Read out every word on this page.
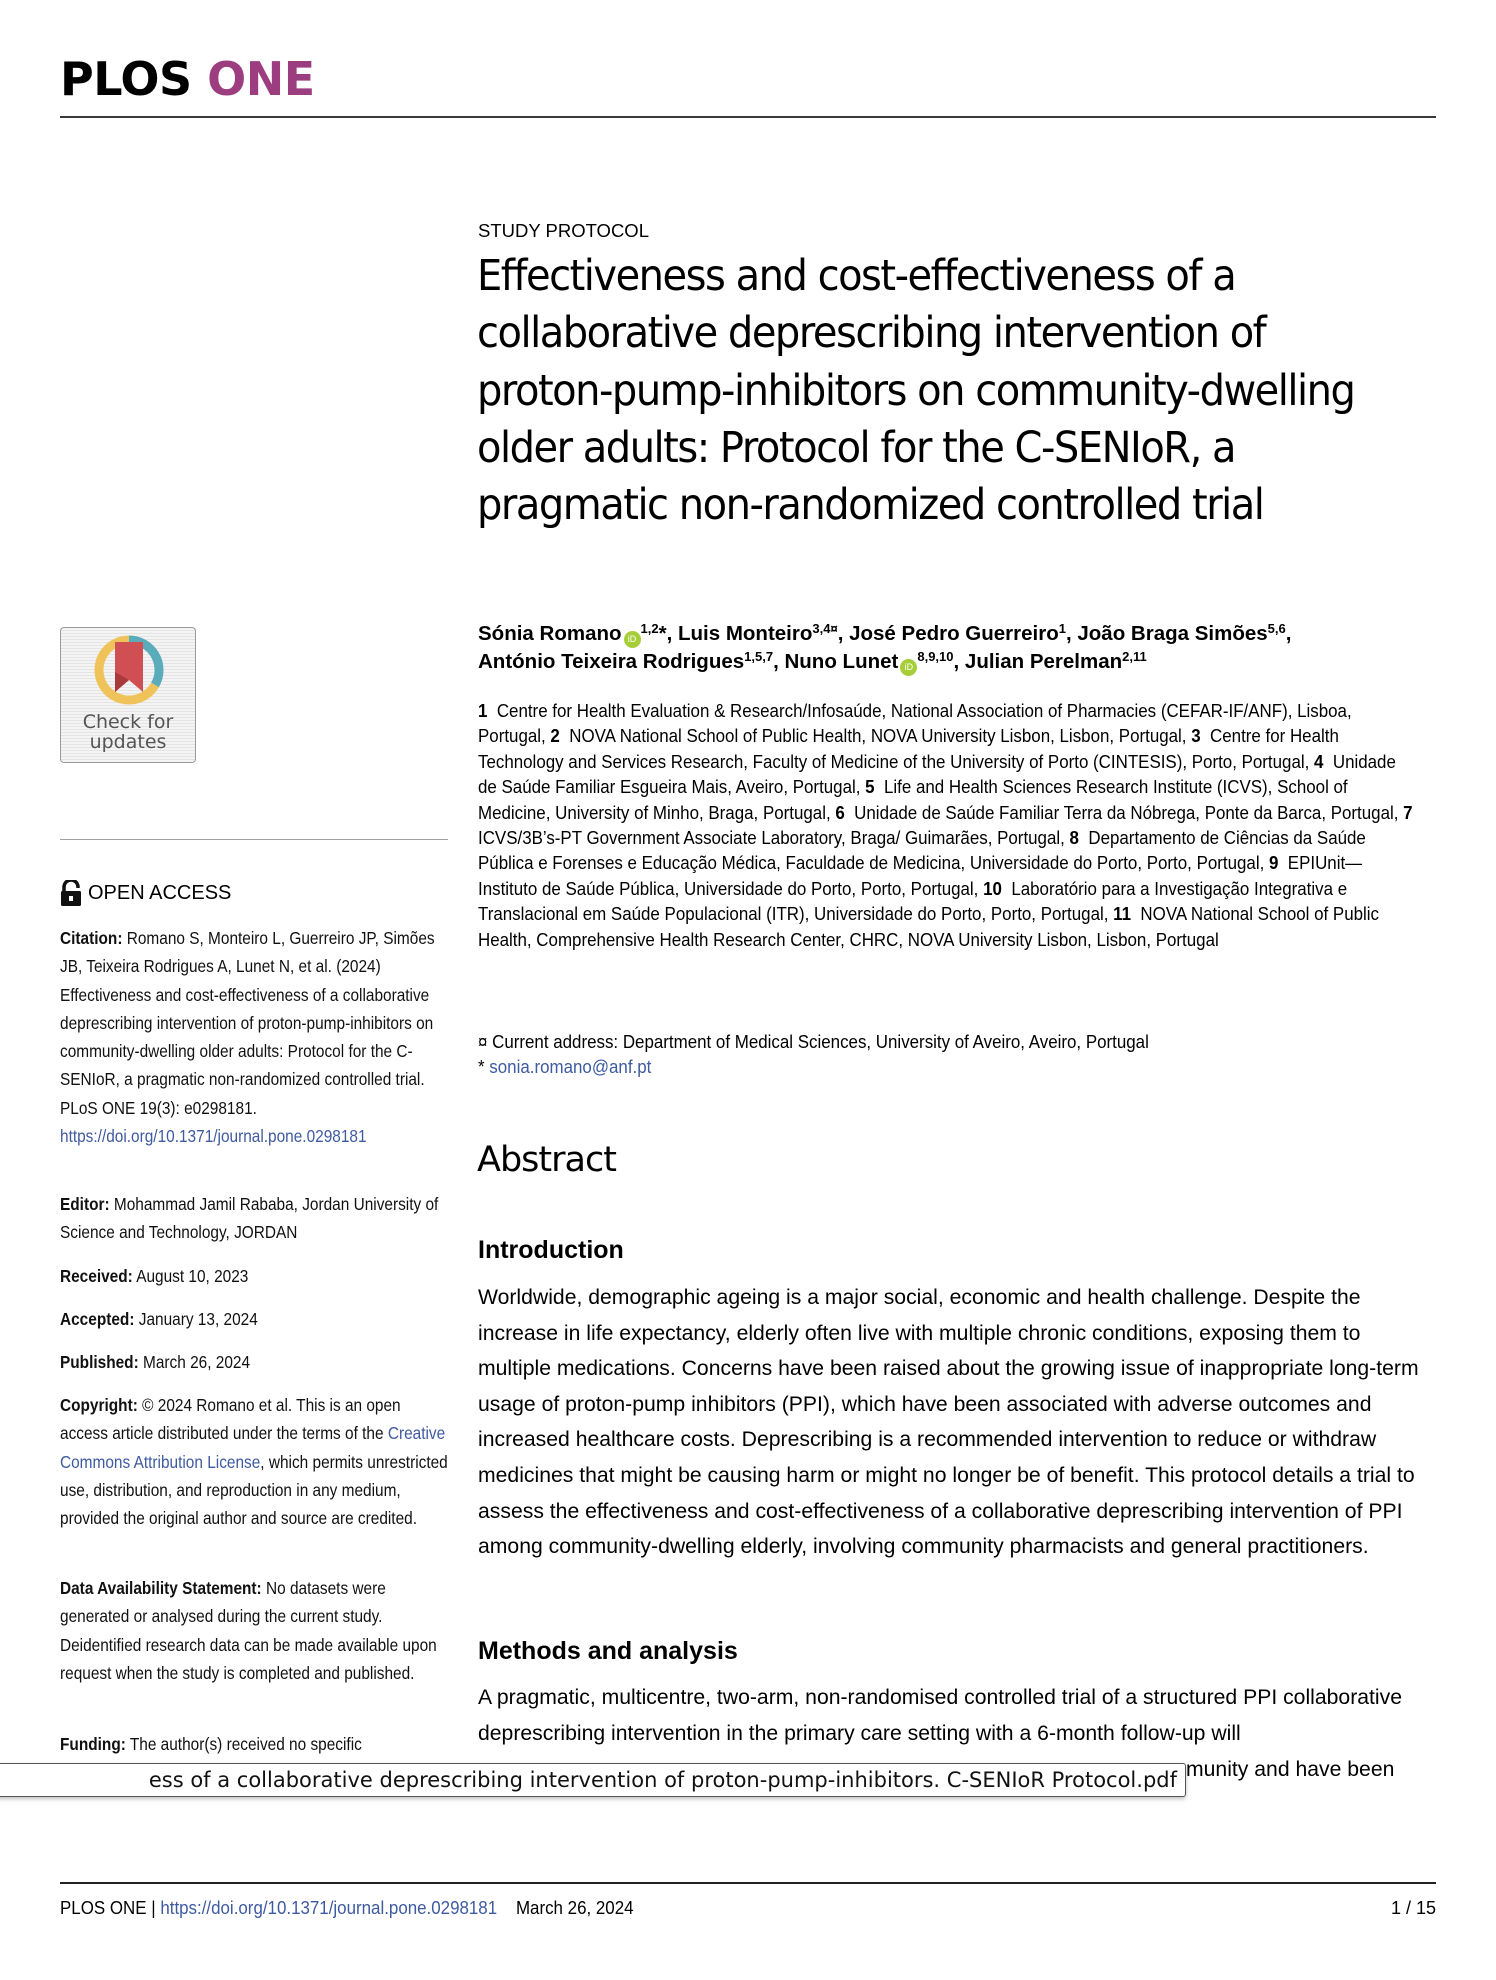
PLOS ONE
Check for
updates
OPEN ACCESS
Citation: Romano S, Monteiro L, Guerreiro JP, Simões JB, Teixeira Rodrigues A, Lunet N, et al. (2024) Effectiveness and cost-effectiveness of a collaborative deprescribing intervention of proton-pump-inhibitors on community-dwelling older adults: Protocol for the C-SENIoR, a pragmatic non-randomized controlled trial. PLoS ONE 19(3): e0298181. https://doi.org/10.1371/journal.pone.0298181
Editor: Mohammad Jamil Rababa, Jordan University of Science and Technology, JORDAN
Received: August 10, 2023
Accepted: January 13, 2024
Published: March 26, 2024
Copyright: © 2024 Romano et al. This is an open access article distributed under the terms of the Creative Commons Attribution License, which permits unrestricted use, distribution, and reproduction in any medium, provided the original author and source are credited.
Data Availability Statement: No datasets were generated or analysed during the current study. Deidentified research data can be made available upon request when the study is completed and published.
Funding: The author(s) received no specific
STUDY PROTOCOL
Effectiveness and cost-effectiveness of a collaborative deprescribing intervention of proton-pump-inhibitors on community-dwelling older adults: Protocol for the C-SENIoR, a pragmatic non-randomized controlled trial
Sónia Romano iD$^{1,2}$*, Luis Monteiro$^{3,4¤}$, José Pedro Guerreiro$^1$, João Braga Simões$^{5,6}$,
António Teixeira Rodrigues$^{1,5,7}$, Nuno Lunet iD$^{8,9,10}$, Julian Perelman$^{2,11}$
1  Centre for Health Evaluation & Research/Infosaúde, National Association of Pharmacies (CEFAR-IF/ANF), Lisboa, Portugal, 2  NOVA National School of Public Health, NOVA University Lisbon, Lisbon, Portugal, 3  Centre for Health Technology and Services Research, Faculty of Medicine of the University of Porto (CINTESIS), Porto, Portugal, 4  Unidade de Saúde Familiar Esgueira Mais, Aveiro, Portugal, 5  Life and Health Sciences Research Institute (ICVS), School of Medicine, University of Minho, Braga, Portugal, 6  Unidade de Saúde Familiar Terra da Nóbrega, Ponte da Barca, Portugal, 7  ICVS/3B’s-PT Government Associate Laboratory, Braga/ Guimarães, Portugal, 8  Departamento de Ciências da Saúde Pública e Forenses e Educação Médica, Faculdade de Medicina, Universidade do Porto, Porto, Portugal, 9  EPIUnit—Instituto de Saúde Pública, Universidade do Porto, Porto, Portugal, 10  Laboratório para a Investigação Integrativa e Translacional em Saúde Populacional (ITR), Universidade do Porto, Porto, Portugal, 11  NOVA National School of Public Health, Comprehensive Health Research Center, CHRC, NOVA University Lisbon, Lisbon, Portugal
¤ Current address: Department of Medical Sciences, University of Aveiro, Aveiro, Portugal
* sonia.romano@anf.pt
Abstract
Introduction
Worldwide, demographic ageing is a major social, economic and health challenge. Despite the increase in life expectancy, elderly often live with multiple chronic conditions, exposing them to multiple medications. Concerns have been raised about the growing issue of inappropriate long-term usage of proton-pump inhibitors (PPI), which have been associated with adverse outcomes and increased healthcare costs. Deprescribing is a recommended intervention to reduce or withdraw medicines that might be causing harm or might no longer be of benefit. This protocol details a trial to assess the effectiveness and cost-effectiveness of a collaborative deprescribing intervention of PPI among community-dwelling elderly, involving community pharmacists and general practitioners.
Methods and analysis
A pragmatic, multicentre, two-arm, non-randomised controlled trial of a structured PPI collaborative deprescribing intervention in the primary care setting with a 6-month follow-up will
munity and have been
ess of a collaborative deprescribing intervention of proton-pump-inhibitors. C-SENIoR Protocol.pdf
PLOS ONE | https://doi.org/10.1371/journal.pone.0298181 March 26, 2024	1 / 15
